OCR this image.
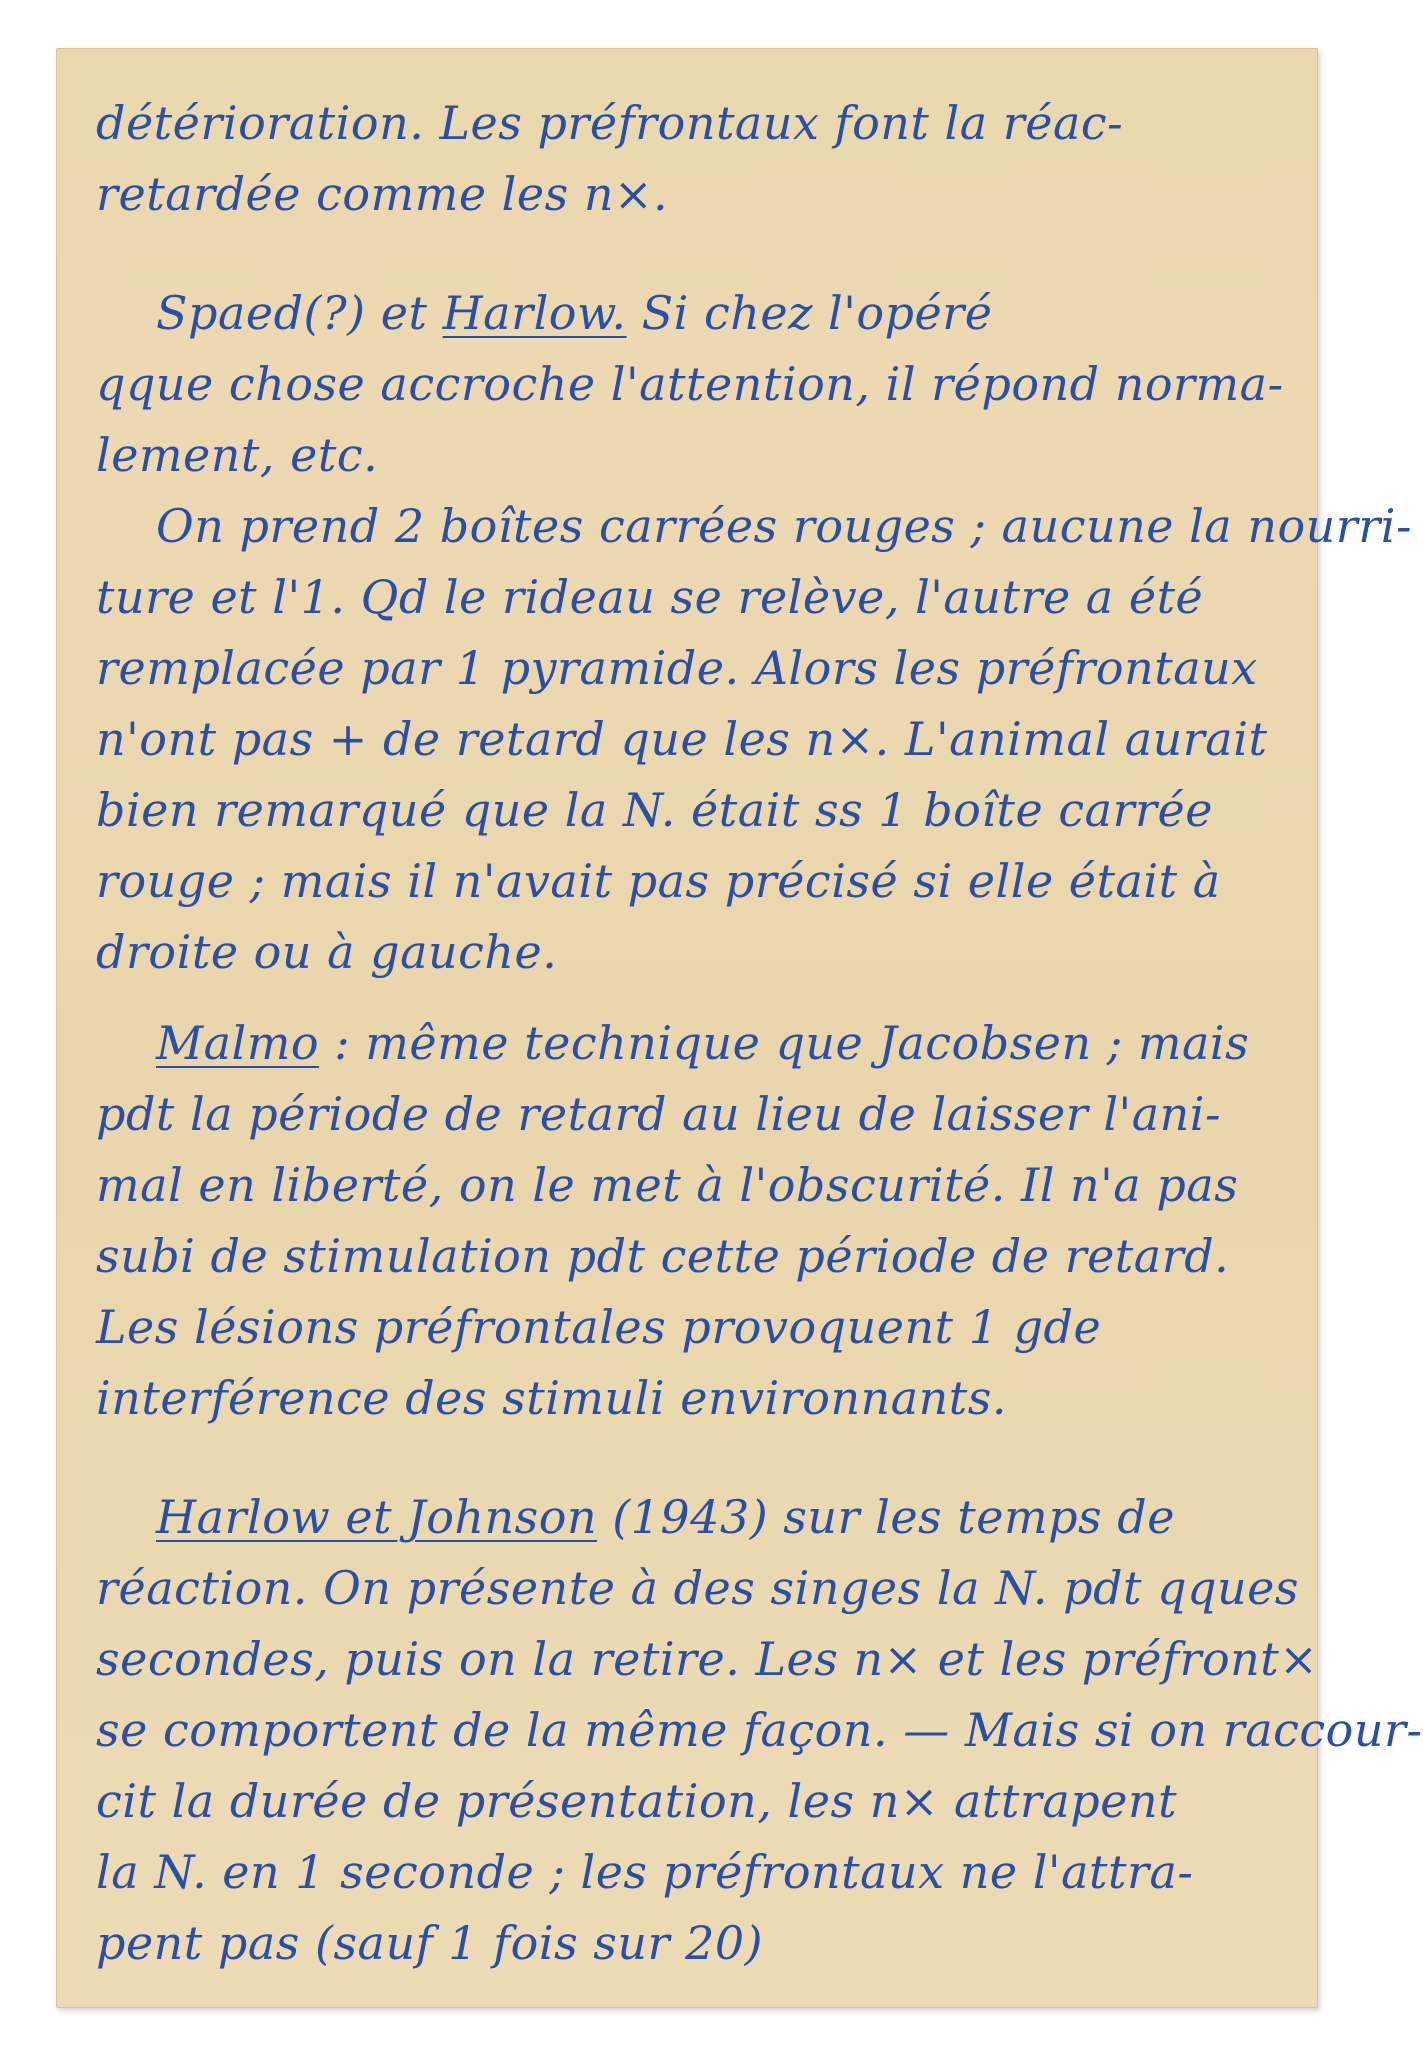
détérioration. Les préfrontaux font la réac-
retardée comme les n×.
Spaed(?) et Harlow. Si chez l'opéré
qque chose accroche l'attention, il répond norma-
lement, etc.
On prend 2 boîtes carrées rouges ; aucune la nourri-
ture et l'1. Qd le rideau se relève, l'autre a été
remplacée par 1 pyramide. Alors les préfrontaux
n'ont pas + de retard que les n×. L'animal aurait
bien remarqué que la N. était ss 1 boîte carrée
rouge ; mais il n'avait pas précisé si elle était à
droite ou à gauche.
Malmo : même technique que Jacobsen ; mais
pdt la période de retard au lieu de laisser l'ani-
mal en liberté, on le met à l'obscurité. Il n'a pas
subi de stimulation pdt cette période de retard.
Les lésions préfrontales provoquent 1 gde
interférence des stimuli environnants.
Harlow et Johnson (1943) sur les temps de
réaction. On présente à des singes la N. pdt qques
secondes, puis on la retire. Les n× et les préfront×
se comportent de la même façon. — Mais si on raccour-
cit la durée de présentation, les n× attrapent
la N. en 1 seconde ; les préfrontaux ne l'attra-
pent pas (sauf 1 fois sur 20)
